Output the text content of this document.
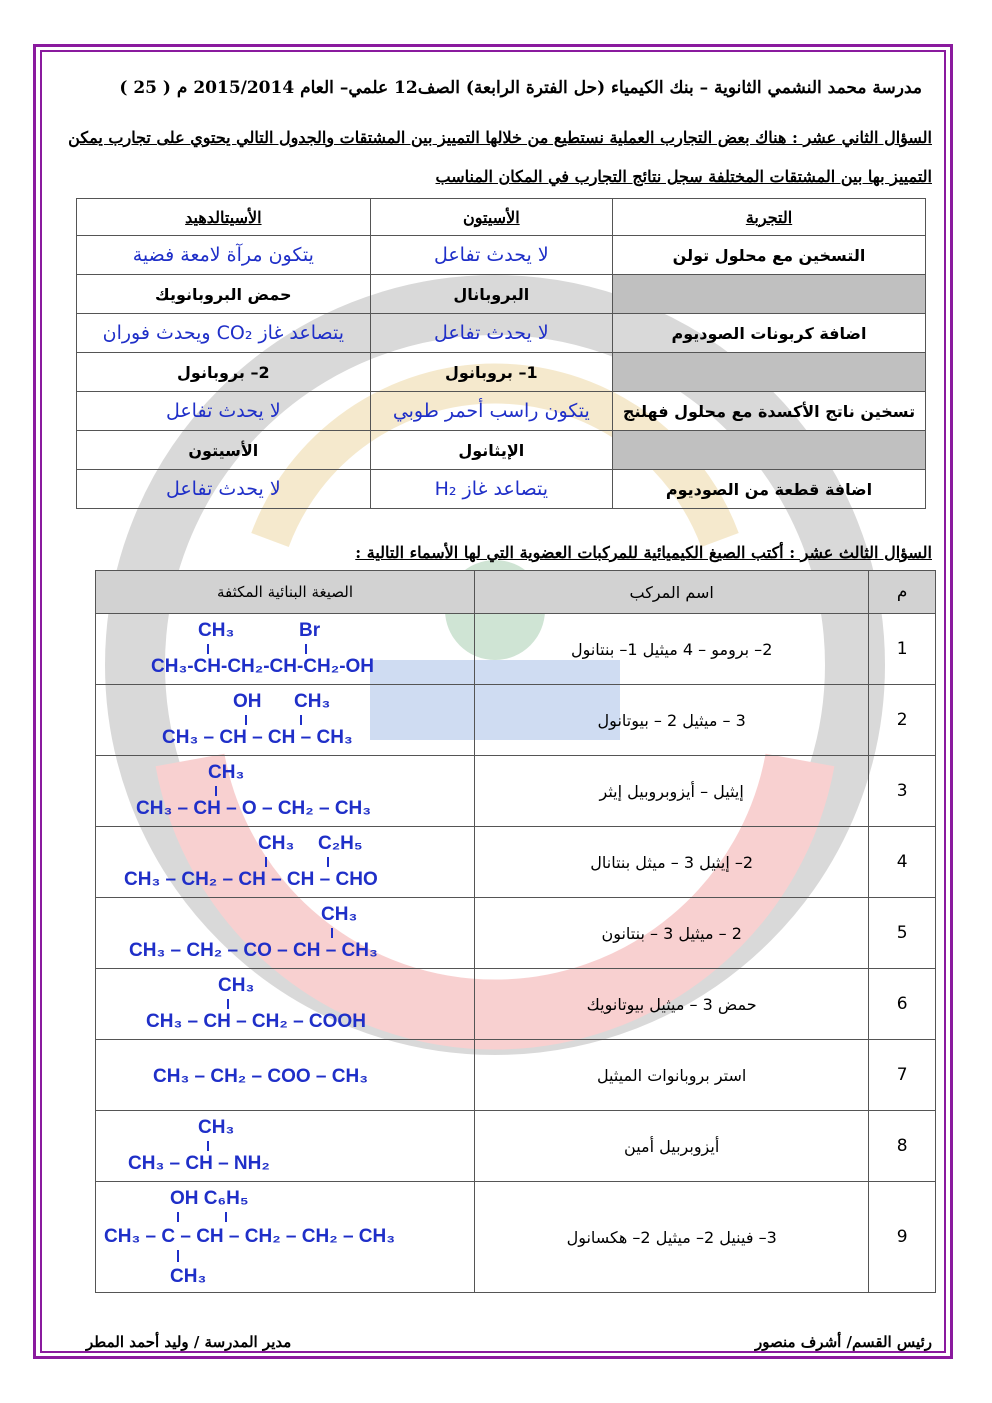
مدرسة محمد النشمي الثانوية – بنك الكيمياء (حل الفترة الرابعة) الصف12 علمي– العام 2015/2014 م ( 25 )
السؤال الثاني عشر : هناك بعض التجارب العملية نستطيع من خلالها التمييز بين المشتقات والجدول التالي يحتوي على تجارب يمكن التمييز بها بين المشتقات المختلفة سجل نتائج التجارب في المكان المناسب
التجربة	الأسيتون	الأسيتالدهيد
التسخين مع محلول تولن	لا يحدث تفاعل	يتكون مرآة لامعة فضية
	البروبانال	حمض البروبانويك
اضافة كربونات الصوديوم	لا يحدث تفاعل	يتصاعد غاز CO₂ ويحدث فوران
	1– بروبانول	2– بروبانول
تسخين ناتج الأكسدة مع محلول فهلنج	يتكون راسب أحمر طوبي	لا يحدث تفاعل
	الإيثانول	الأسيتون
اضافة قطعة من الصوديوم	يتصاعد غاز H₂	لا يحدث تفاعل
السؤال الثالث عشر : أكتب الصيغ الكيميائية للمركبات العضوية التي لها الأسماء التالية :
م	اسم المركب	الصيغة البنائية المكثفة
1	2– برومو – 4 ميثيل 1– بنتانول	CH₃ Br
CH₃-CH-CH₂-CH-CH₂-OH

2	3 – ميثيل 2 – بيوتانول	OH CH₃
CH₃ – CH – CH – CH₃

3	إيثيل – أيزوبروبيل إيثر	CH₃
CH₃ – CH – O – CH₂ – CH₃

4	2– إيثيل 3 – ميثل بنتانال	CH₃ C₂H₅
CH₃ – CH₂ – CH – CH – CHO

5	2 – ميثيل 3 – بنتانون	CH₃
CH₃ – CH₂ – CO – CH – CH₃

6	حمض 3 – ميثيل بيوتانويك	CH₃
CH₃ – CH – CH₂ – COOH

7	استر بروبانوات الميثيل	CH₃ – CH₂ – COO – CH₃

8	أيزوبربيل أمين	CH₃
CH₃ – CH – NH₂

9	3– فينيل 2– ميثيل 2– هكسانول	OH C₆H₅
CH₃ – C – CH – CH₂ – CH₂ – CH₃
CH₃
رئيس القسم/ أشرف منصور
مدير المدرسة / وليد أحمد المطر
